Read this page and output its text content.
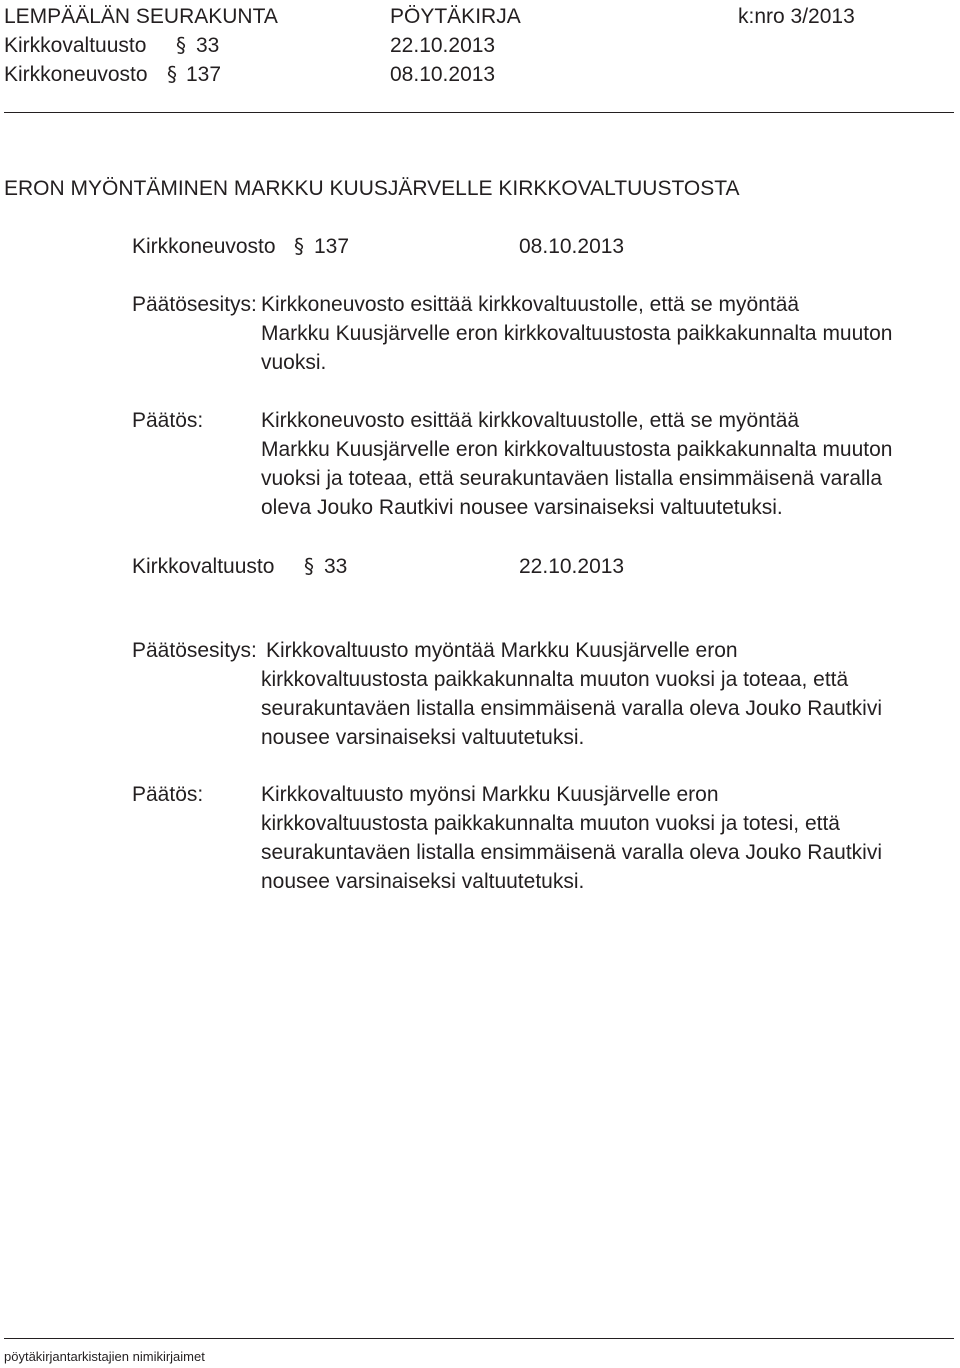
LEMPÄÄLÄN SEURAKUNTA	PÖYTÄKIRJA	k:nro 3/2013
Kirkkovaltuusto § 33	22.10.2013
Kirkkoneuvosto § 137	08.10.2013
ERON MYÖNTÄMINEN MARKKU KUUSJÄRVELLE KIRKKOVALTUUSTOSTA
Kirkkoneuvosto § 137	08.10.2013
Päätösesitys: Kirkkoneuvosto esittää kirkkovaltuustolle, että se myöntää
Markku Kuusjärvelle eron kirkkovaltuustosta paikkakunnalta muuton
vuoksi.
Päätös:	Kirkkoneuvosto esittää kirkkovaltuustolle, että se myöntää
Markku Kuusjärvelle eron kirkkovaltuustosta paikkakunnalta muuton
vuoksi ja toteaa, että seurakuntaväen listalla ensimmäisenä varalla
oleva Jouko Rautkivi nousee varsinaiseksi valtuutetuksi.
Kirkkovaltuusto § 33	22.10.2013
Päätösesitys: Kirkkovaltuusto myöntää Markku Kuusjärvelle eron
kirkkovaltuustosta paikkakunnalta muuton vuoksi ja toteaa, että
seurakuntaväen listalla ensimmäisenä varalla oleva Jouko Rautkivi
nousee varsinaiseksi valtuutetuksi.
Päätös:	Kirkkovaltuusto myönsi Markku Kuusjärvelle eron
kirkkovaltuustosta paikkakunnalta muuton vuoksi ja totesi, että
seurakuntaväen listalla ensimmäisenä varalla oleva Jouko Rautkivi
nousee varsinaiseksi valtuutetuksi.
pöytäkirjantarkistajien nimikirjaimet
